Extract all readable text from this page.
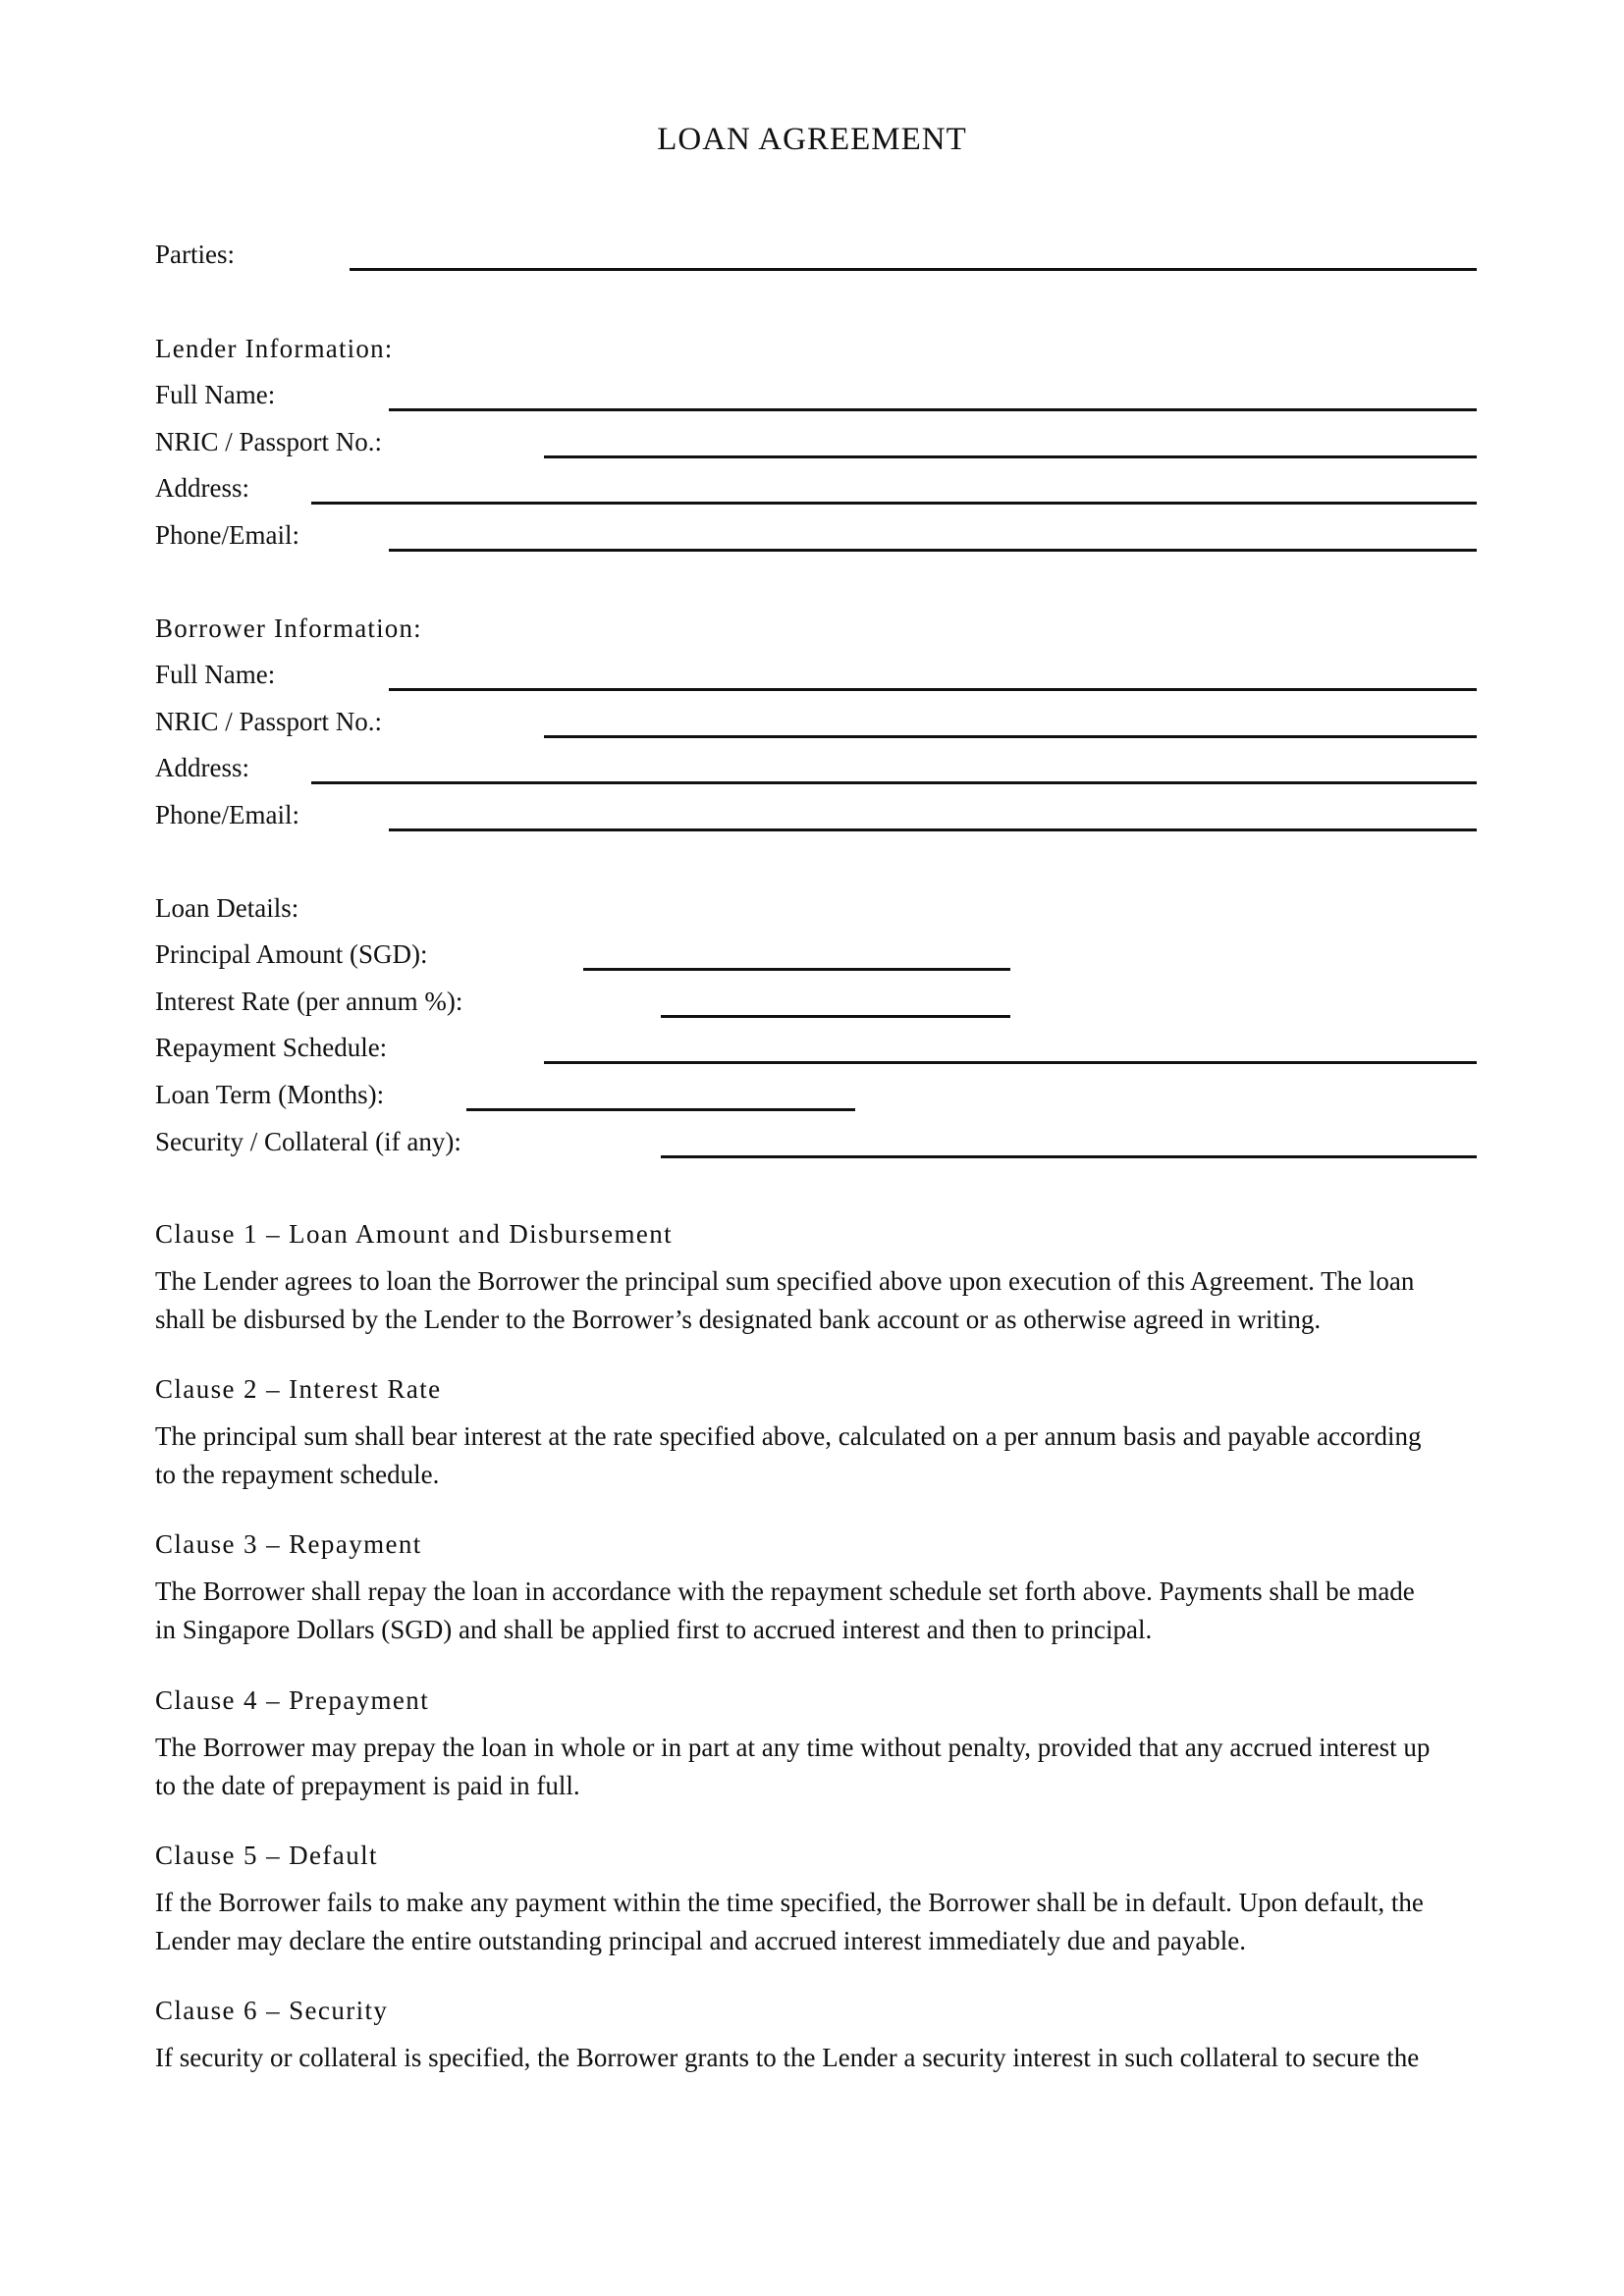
LOAN AGREEMENT
Parties:
Lender Information:
Full Name:
NRIC / Passport No.:
Address:
Phone/Email:
Borrower Information:
Full Name:
NRIC / Passport No.:
Address:
Phone/Email:
Loan Details:
Principal Amount (SGD):
Interest Rate (per annum %):
Repayment Schedule:
Loan Term (Months):
Security / Collateral (if any):
Clause 1 – Loan Amount and Disbursement
The Lender agrees to loan the Borrower the principal sum specified above upon execution of this Agreement. The loan
shall be disbursed by the Lender to the Borrower’s designated bank account or as otherwise agreed in writing.
Clause 2 – Interest Rate
The principal sum shall bear interest at the rate specified above, calculated on a per annum basis and payable according
to the repayment schedule.
Clause 3 – Repayment
The Borrower shall repay the loan in accordance with the repayment schedule set forth above. Payments shall be made
in Singapore Dollars (SGD) and shall be applied first to accrued interest and then to principal.
Clause 4 – Prepayment
The Borrower may prepay the loan in whole or in part at any time without penalty, provided that any accrued interest up
to the date of prepayment is paid in full.
Clause 5 – Default
If the Borrower fails to make any payment within the time specified, the Borrower shall be in default. Upon default, the
Lender may declare the entire outstanding principal and accrued interest immediately due and payable.
Clause 6 – Security
If security or collateral is specified, the Borrower grants to the Lender a security interest in such collateral to secure the
